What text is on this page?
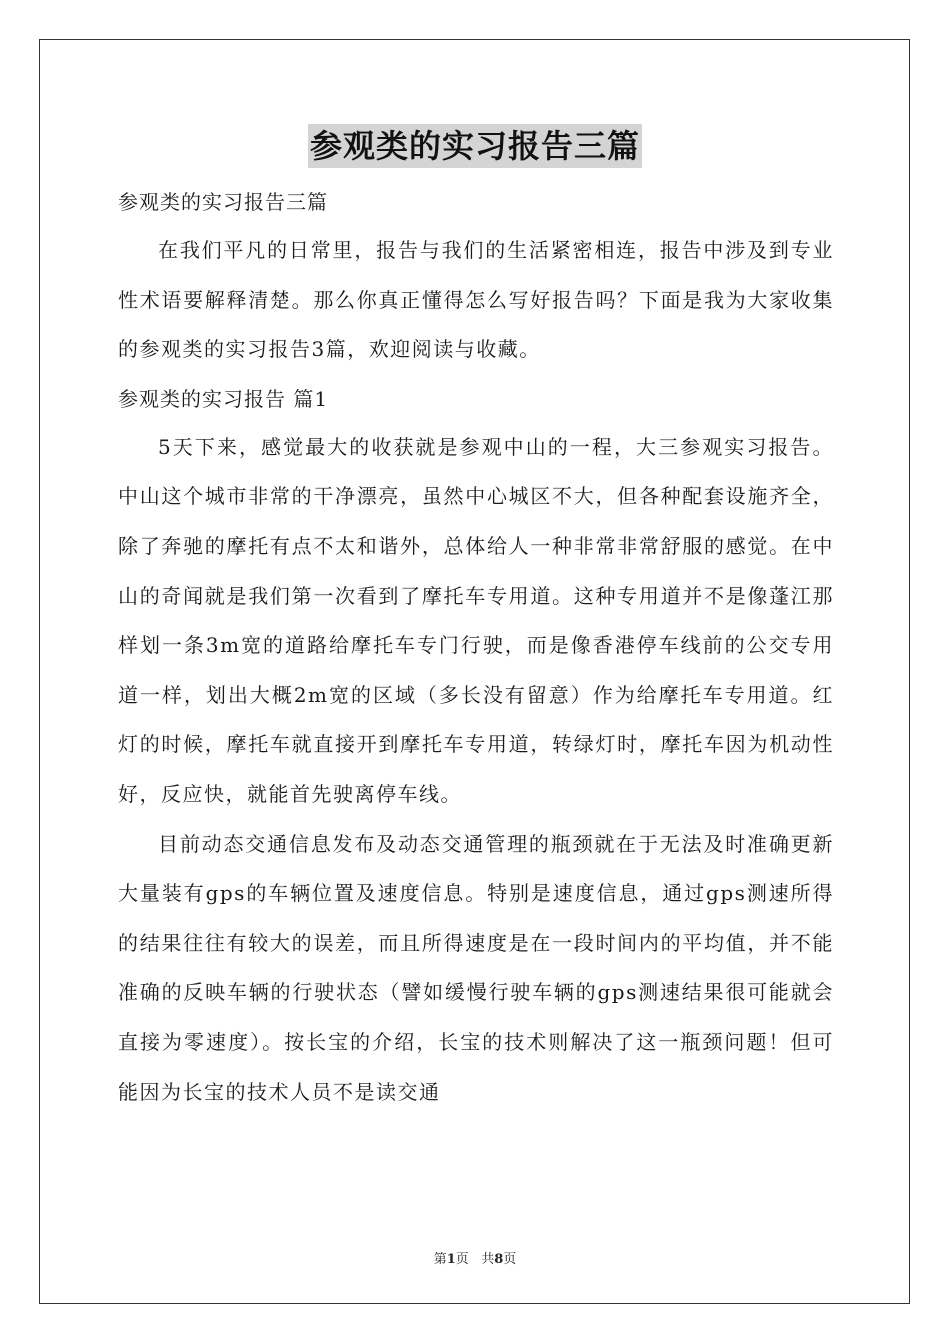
参观类的实习报告三篇

参观类的实习报告三篇

在我们平凡的日常里，报告与我们的生活紧密相连，报告中涉及到专业性术语要解释清楚。那么你真正懂得怎么写好报告吗？下面是我为大家收集的参观类的实习报告3篇，欢迎阅读与收藏。

参观类的实习报告 篇1

5天下来，感觉最大的收获就是参观中山的一程，大三参观实习报告。中山这个城市非常的干净漂亮，虽然中心城区不大，但各种配套设施齐全，除了奔驰的摩托有点不太和谐外，总体给人一种非常非常舒服的感觉。在中山的奇闻就是我们第一次看到了摩托车专用道。这种专用道并不是像蓬江那样划一条3m宽的道路给摩托车专门行驶，而是像香港停车线前的公交专用道一样，划出大概2m宽的区域（多长没有留意）作为给摩托车专用道。红灯的时候，摩托车就直接开到摩托车专用道，转绿灯时，摩托车因为机动性好，反应快，就能首先驶离停车线。

目前动态交通信息发布及动态交通管理的瓶颈就在于无法及时准确更新大量装有gps的车辆位置及速度信息。特别是速度信息，通过gps测速所得的结果往往有较大的误差，而且所得速度是在一段时间内的平均值，并不能准确的反映车辆的行驶状态（譬如缓慢行驶车辆的gps测速结果很可能就会直接为零速度）。按长宝的介绍，长宝的技术则解决了这一瓶颈问题！但可能因为长宝的技术人员不是读交通

第1页 共8页
